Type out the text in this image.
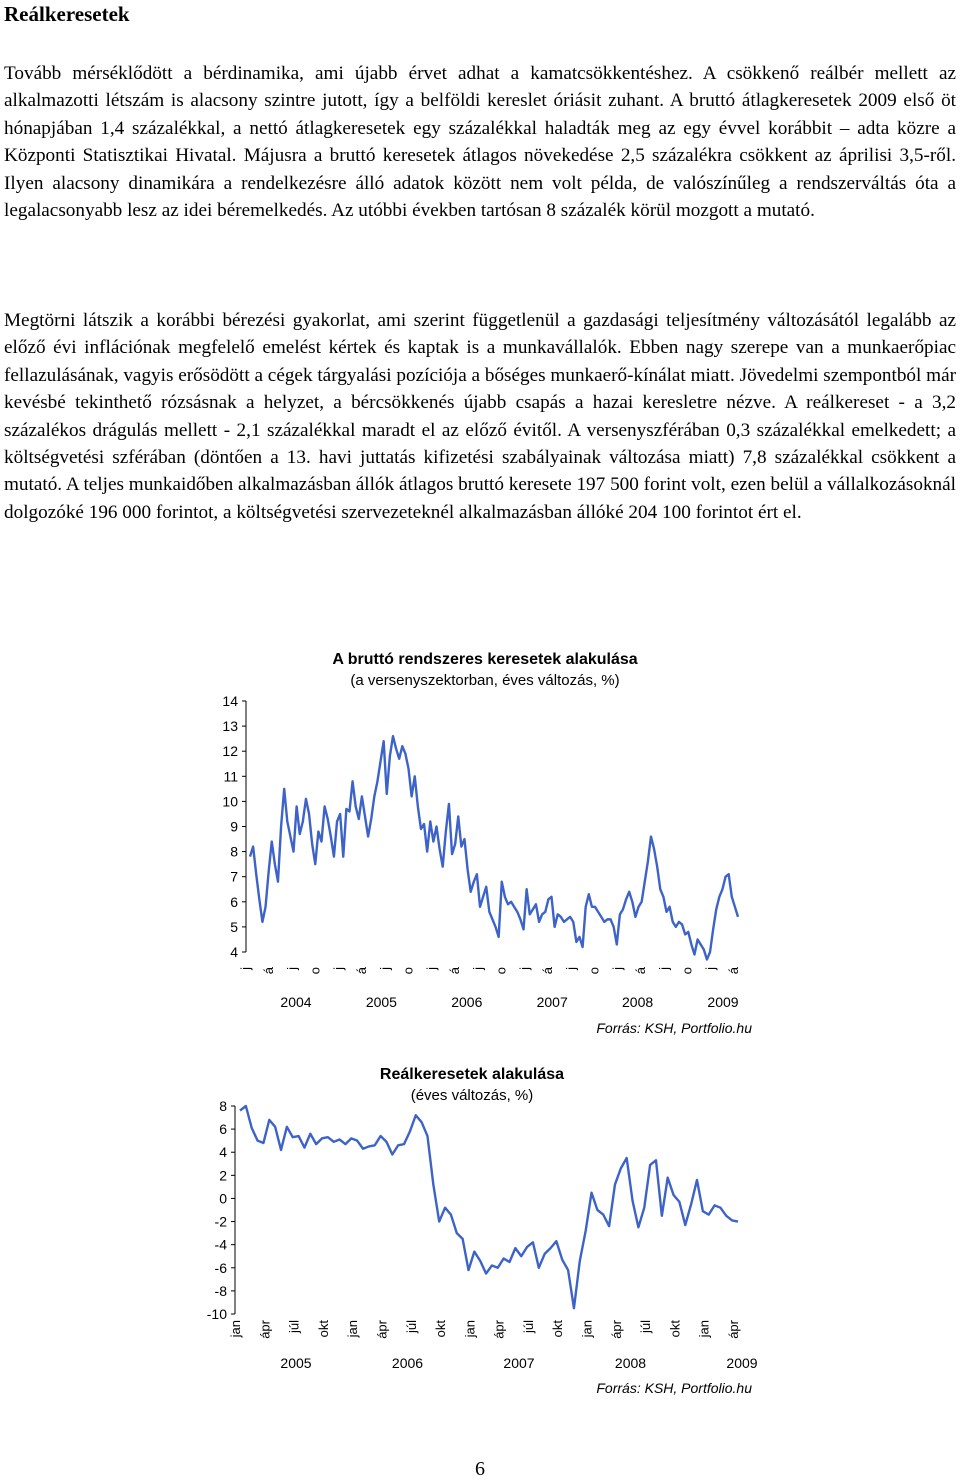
Reálkeresetek

Tovább mérséklődött a bérdinamika, ami újabb érvet adhat a kamatcsökkentéshez. A csökkenő reálbér mellett az alkalmazotti létszám is alacsony szintre jutott, így a belföldi kereslet óriásit zuhant. A bruttó átlagkeresetek 2009 első öt hónapjában 1,4 százalékkal, a nettó átlagkeresetek egy százalékkal haladták meg az egy évvel korábbit – adta közre a Központi Statisztikai Hivatal. Májusra a bruttó keresetek átlagos növekedése 2,5 százalékra csökkent az áprilisi 3,5-ről. Ilyen alacsony dinamikára a rendelkezésre álló adatok között nem volt példa, de valószínűleg a rendszerváltás óta a legalacsonyabb lesz az idei béremelkedés. Az utóbbi években tartósan 8 százalék körül mozgott a mutató.

Megtörni látszik a korábbi bérezési gyakorlat, ami szerint függetlenül a gazdasági teljesítmény változásától legalább az előző évi inflációnak megfelelő emelést kértek és kaptak is a munkavállalók. Ebben nagy szerepe van a munkaerőpiac fellazulásának, vagyis erősödött a cégek tárgyalási pozíciója a bőséges munkaerő-kínálat miatt. Jövedelmi szempontból már kevésbé tekinthető rózsásnak a helyzet, a bércsökkenés újabb csapás a hazai keresletre nézve. A reálkereset - a 3,2 százalékos drágulás mellett - 2,1 százalékkal maradt el az előző évitől. A versenyszférában 0,3 százalékkal emelkedett; a költségvetési szférában (döntően a 13. havi juttatás kifizetési szabályainak változása miatt) 7,8 százalékkal csökkent a mutató. A teljes munkaidőben alkalmazásban állók átlagos bruttó keresete 197 500 forint volt, ezen belül a vállalkozásoknál dolgozóké 196 000 forintot, a költségvetési szervezeteknél alkalmazásban állóké 204 100 forintot ért el.

A bruttó rendszeres keresetek alakulása
(a versenyszektorban, éves változás, %)
14
13
12
11
10
9
8
7
6
5
4
j á j o j á j o j á j o j á j o j á j o j á
2004	2005	2006	2007	2008	2009
Forrás: KSH, Portfolio.hu
Reálkeresetek alakulása
(éves változás, %)
8
6
4
2
0
-2
-4
-6
-8
-10
jan ápr júl okt jan ápr júl okt jan ápr júl okt jan ápr júl okt jan ápr
2005	2006	2007	2008	2009
Forrás: KSH, Portfolio.hu
6
